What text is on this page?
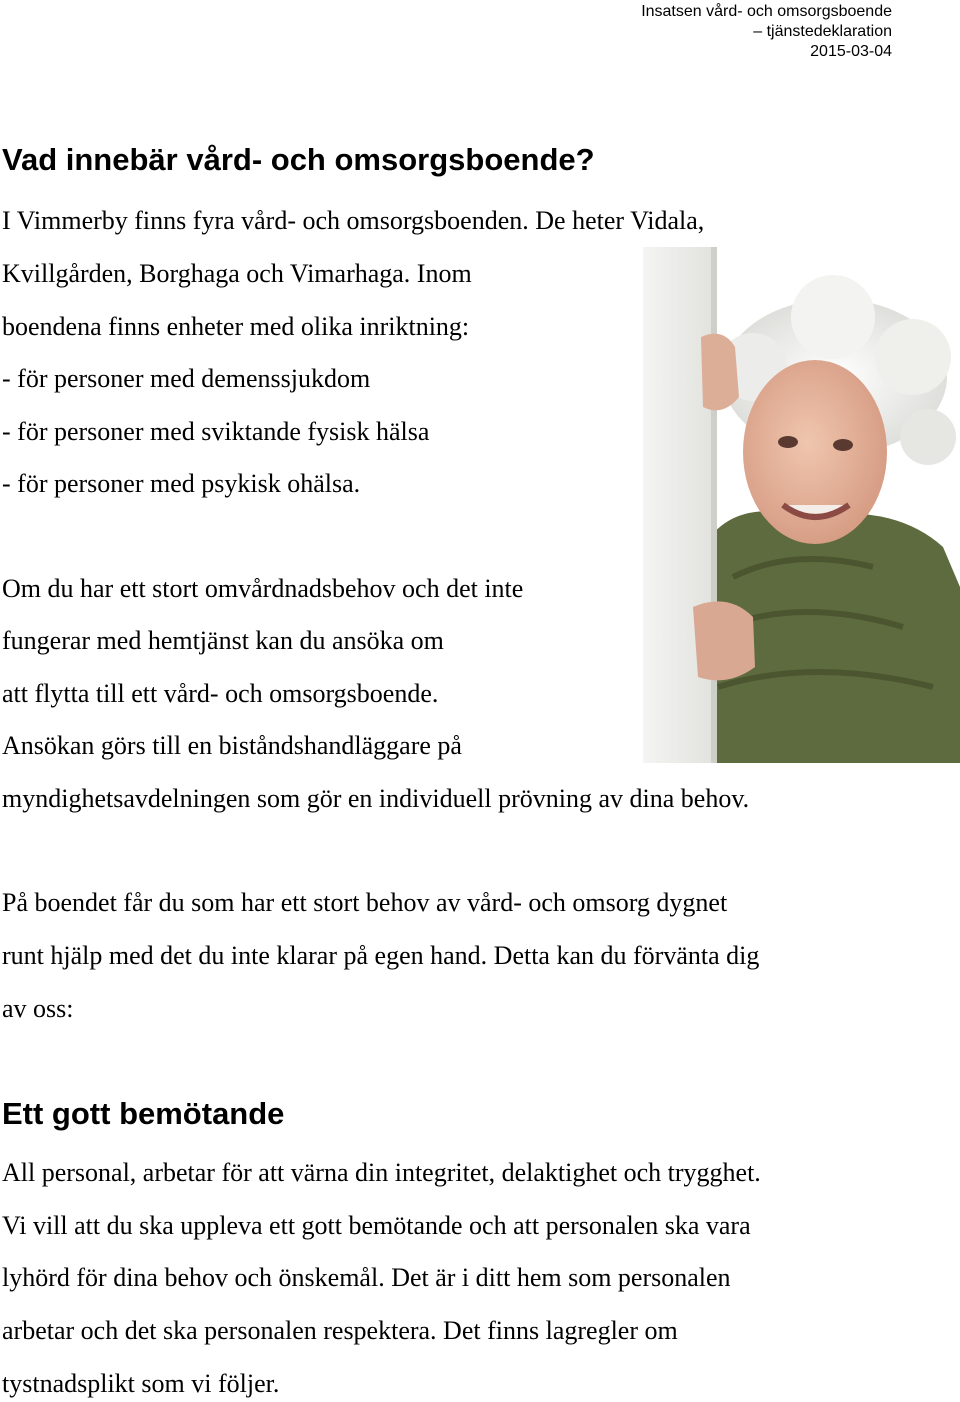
Insatsen vård- och omsorgsboende
– tjänstedeklaration
2015-03-04
Vad innebär vård- och omsorgsboende?
I Vimmerby finns fyra vård- och omsorgsboenden. De heter Vidala,
Kvillgården, Borghaga och Vimarhaga. Inom
boendena finns enheter med olika inriktning:
- för personer med demenssjukdom
- för personer med sviktande fysisk hälsa
- för personer med psykisk ohälsa.
Om du har ett stort omvårdnadsbehov och det inte
fungerar med hemtjänst kan du ansöka om
att flytta till ett vård- och omsorgsboende.
Ansökan görs till en biståndshandläggare på
myndighetsavdelningen som gör en individuell prövning av dina behov.
På boendet får du som har ett stort behov av vård- och omsorg dygnet
runt hjälp med det du inte klarar på egen hand. Detta kan du förvänta dig
av oss:
Ett gott bemötande
All personal, arbetar för att värna din integritet, delaktighet och trygghet.
Vi vill att du ska uppleva ett gott bemötande och att personalen ska vara
lyhörd för dina behov och önskemål. Det är i ditt hem som personalen
arbetar och det ska personalen respektera. Det finns lagregler om
tystnadsplikt som vi följer.
